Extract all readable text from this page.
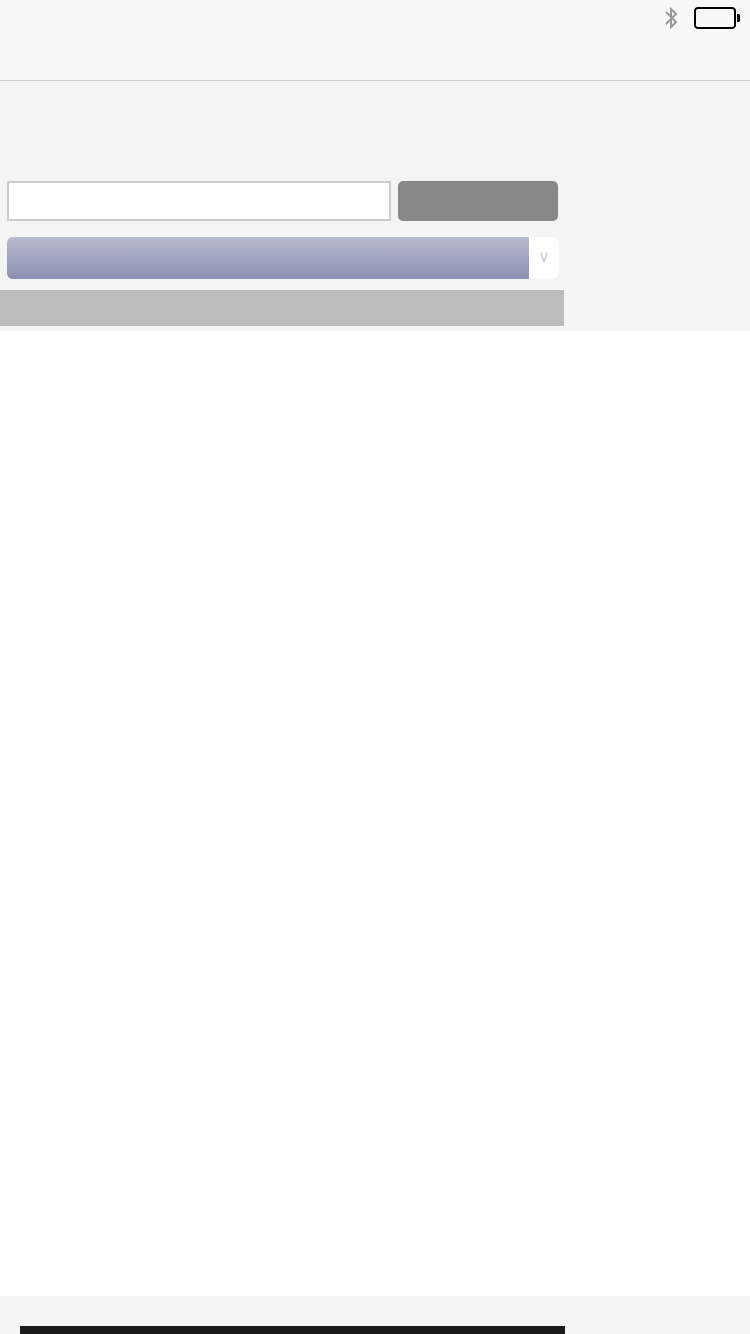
∨
